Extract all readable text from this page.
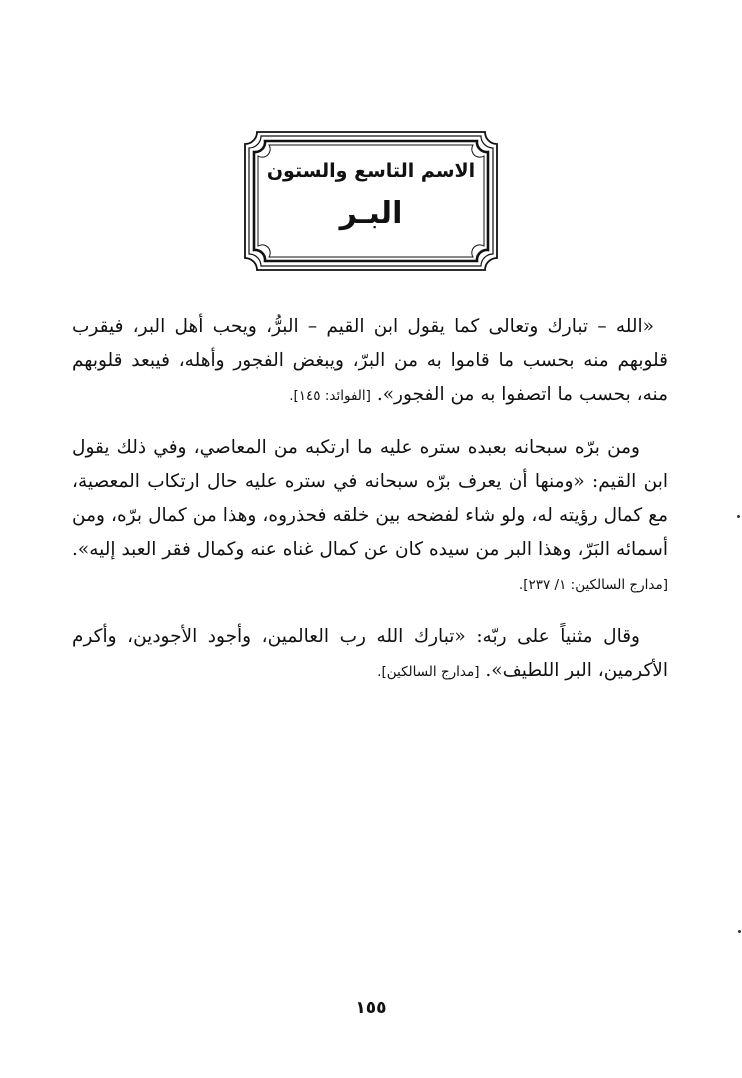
الاسم التاسع والستون
البـر

«الله – تبارك وتعالى كما يقول ابن القيم – البرُّ، ويحب أهل البر، فيقرب قلوبهم منه بحسب ما قاموا به من البرّ، ويبغض الفجور وأهله، فيبعد قلوبهم منه، بحسب ما اتصفوا به من الفجور». [الفوائد: ١٤٥].

ومن برّه سبحانه بعبده ستره عليه ما ارتكبه من المعاصي، وفي ذلك يقول ابن القيم: «ومنها أن يعرف برّه سبحانه في ستره عليه حال ارتكاب المعصية، مع كمال رؤيته له، ولو شاء لفضحه بين خلقه فحذروه، وهذا من كمال برّه، ومن أسمائه البَرّ، وهذا البر من سيده كان عن كمال غناه عنه وكمال فقر العبد إليه». [مدارج السالكين: ١/ ٢٣٧].

وقال مثنياً على ربّه: «تبارك الله رب العالمين، وأجود الأجودين، وأكرم الأكرمين، البر اللطيف». [مدارج السالكين].

١٥٥
